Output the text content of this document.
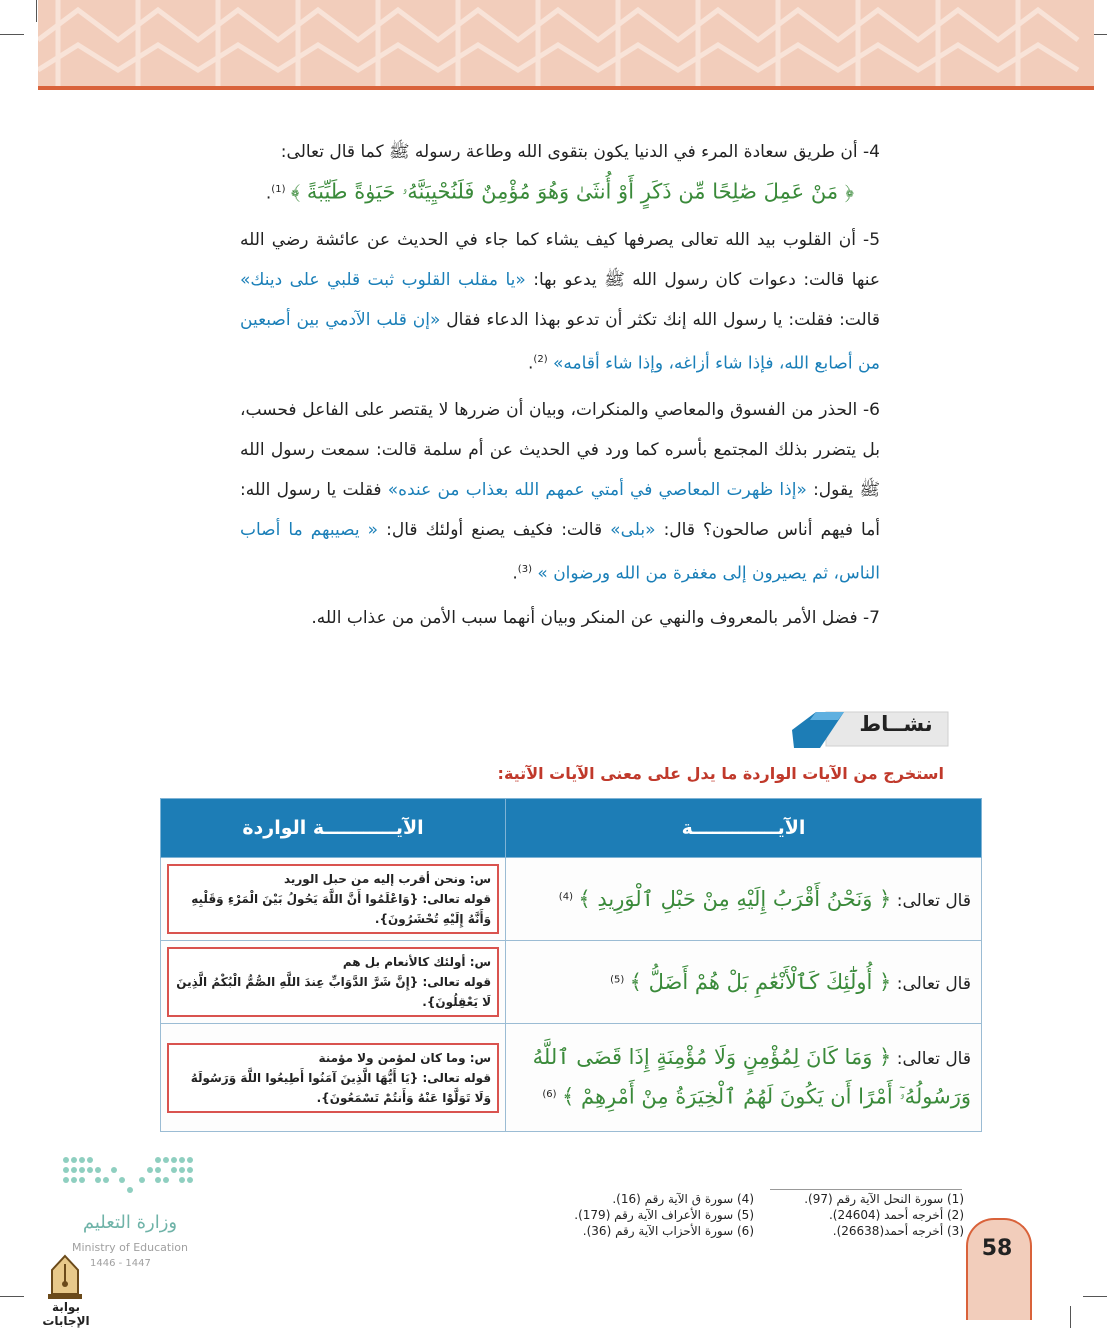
4- أن طريق سعادة المرء في الدنيا يكون بتقوى الله وطاعة رسوله ﷺ كما قال تعالى:
﴿ مَنْ عَمِلَ صَٰلِحًا مِّن ذَكَرٍ أَوْ أُنثَىٰ وَهُوَ مُؤْمِنٌ فَلَنُحْيِيَنَّهُۥ حَيَوٰةً طَيِّبَةً ﴾ $^{(1)}$.
5- أن القلوب بيد الله تعالى يصرفها كيف يشاء كما جاء في الحديث عن عائشة رضي الله عنها قالت: دعوات كان رسول الله ﷺ يدعو بها: «يا مقلب القلوب ثبت قلبي على دينك» قالت: فقلت: يا رسول الله إنك تكثر أن تدعو بهذا الدعاء فقال «إن قلب الآدمي بين أصبعين من أصابع الله، فإذا شاء أزاغه، وإذا شاء أقامه» $^{(2)}$.
6- الحذر من الفسوق والمعاصي والمنكرات، وبيان أن ضررها لا يقتصر على الفاعل فحسب، بل يتضرر بذلك المجتمع بأسره كما ورد في الحديث عن أم سلمة قالت: سمعت رسول الله ﷺ يقول: «إذا ظهرت المعاصي في أمتي عمهم الله بعذاب من عنده» فقلت يا رسول الله: أما فيهم أناس صالحون؟ قال: «بلى» قالت: فكيف يصنع أولئك قال: « يصيبهم ما أصاب الناس، ثم يصيرون إلى مغفرة من الله ورضوان » $^{(3)}$.
7- فضل الأمر بالمعروف والنهي عن المنكر وبيان أنهما سبب الأمن من عذاب الله.
نشــاط
استخرج من الآيات الواردة ما يدل على معنى الآيات الآتية:
الآيـــــــــــــة	الآيـــــــــــة الواردة
قال تعالى: ﴿ وَنَحْنُ أَقْرَبُ إِلَيْهِ مِنْ حَبْلِ ٱلْوَرِيدِ ﴾ $^{(4)}$	س: ونحن أقرب إليه من حبل الوريد
قوله تعالى: {وَاعْلَمُوا أَنَّ اللَّهَ يَحُولُ بَيْنَ الْمَرْءِ وَقَلْبِهِ وَأَنَّهُ إِلَيْهِ تُحْشَرُونَ}.

قال تعالى: ﴿ أُولَٰٓئِكَ كَٱلْأَنْعَٰمِ بَلْ هُمْ أَضَلُّ ﴾ $^{(5)}$	س: أولئك كالأنعام بل هم
قوله تعالى: {إِنَّ شَرَّ الدَّوَابِّ عِندَ اللَّهِ الصُّمُّ الْبُكْمُ الَّذِينَ لَا يَعْقِلُونَ}.

قال تعالى: ﴿ وَمَا كَانَ لِمُؤْمِنٍ وَلَا مُؤْمِنَةٍ إِذَا قَضَى ٱللَّهُ وَرَسُولُهُۥٓ أَمْرًا أَن يَكُونَ لَهُمُ ٱلْخِيَرَةُ مِنْ أَمْرِهِمْ ﴾ $^{(6)}$	س: وما كان لمؤمن ولا مؤمنة
قوله تعالى: {يَا أَيُّهَا الَّذِينَ آمَنُوا أَطِيعُوا اللَّهَ وَرَسُولَهُ وَلَا تَوَلَّوْا عَنْهُ وَأَنتُمْ تَسْمَعُونَ}.
(1) سورة النحل الآية رقم (97).
(4) سورة ق الآية رقم (16).
(2) أخرجه أحمد (24604).
(5) سورة الأعراف الآية رقم (179).
(3) أخرجه أحمد(26638).
(6) سورة الأحزاب الآية رقم (36).
58
وزارة التعليم
Ministry of Education
1446 - 1447
بوابة الإجابات
